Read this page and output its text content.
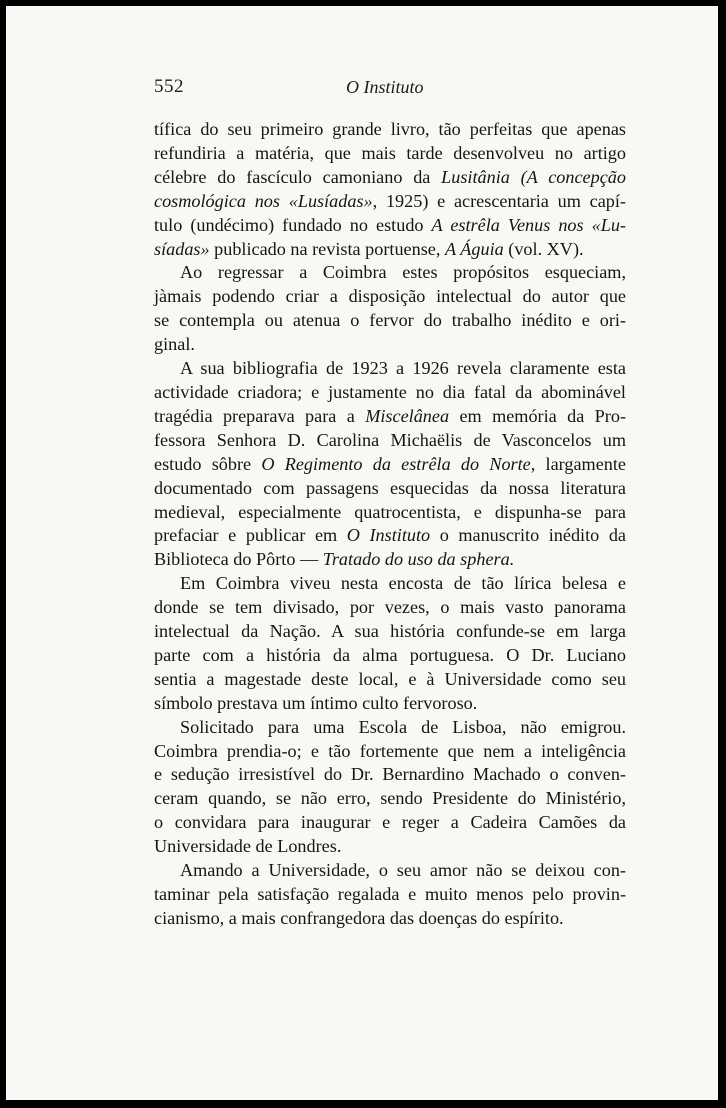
552	O Instituto

tífica do seu primeiro grande livro, tão perfeitas que apenas
refundiria a matéria, que mais tarde desenvolveu no artigo
célebre do fascículo camoniano da Lusitânia (A concepção
cosmológica nos «Lusíadas», 1925) e acrescentaria um capí-
tulo (undécimo) fundado no estudo A estrêla Venus nos «Lu-
síadas» publicado na revista portuense, A Águia (vol. XV).

Ao regressar a Coimbra estes propósitos esqueciam,
jàmais podendo criar a disposição intelectual do autor que
se contempla ou atenua o fervor do trabalho inédito e ori-
ginal.

A sua bibliografia de 1923 a 1926 revela claramente esta
actividade criadora; e justamente no dia fatal da abominável
tragédia preparava para a Miscelânea em memória da Pro-
fessora Senhora D. Carolina Michaëlis de Vasconcelos um
estudo sôbre O Regimento da estrêla do Norte, largamente
documentado com passagens esquecidas da nossa literatura
medieval, especialmente quatrocentista, e dispunha-se para
prefaciar e publicar em O Instituto o manuscrito inédito da
Biblioteca do Pôrto — Tratado do uso da sphera.

Em Coimbra viveu nesta encosta de tão lírica belesa e
donde se tem divisado, por vezes, o mais vasto panorama
intelectual da Nação. A sua história confunde-se em larga
parte com a história da alma portuguesa. O Dr. Luciano
sentia a magestade deste local, e à Universidade como seu
símbolo prestava um íntimo culto fervoroso.

Solicitado para uma Escola de Lisboa, não emigrou.
Coimbra prendia-o; e tão fortemente que nem a inteligência
e sedução irresistível do Dr. Bernardino Machado o conven-
ceram quando, se não erro, sendo Presidente do Ministério,
o convidara para inaugurar e reger a Cadeira Camões da
Universidade de Londres.

Amando a Universidade, o seu amor não se deixou con-
taminar pela satisfação regalada e muito menos pelo provin-
cianismo, a mais confrangedora das doenças do espírito.
